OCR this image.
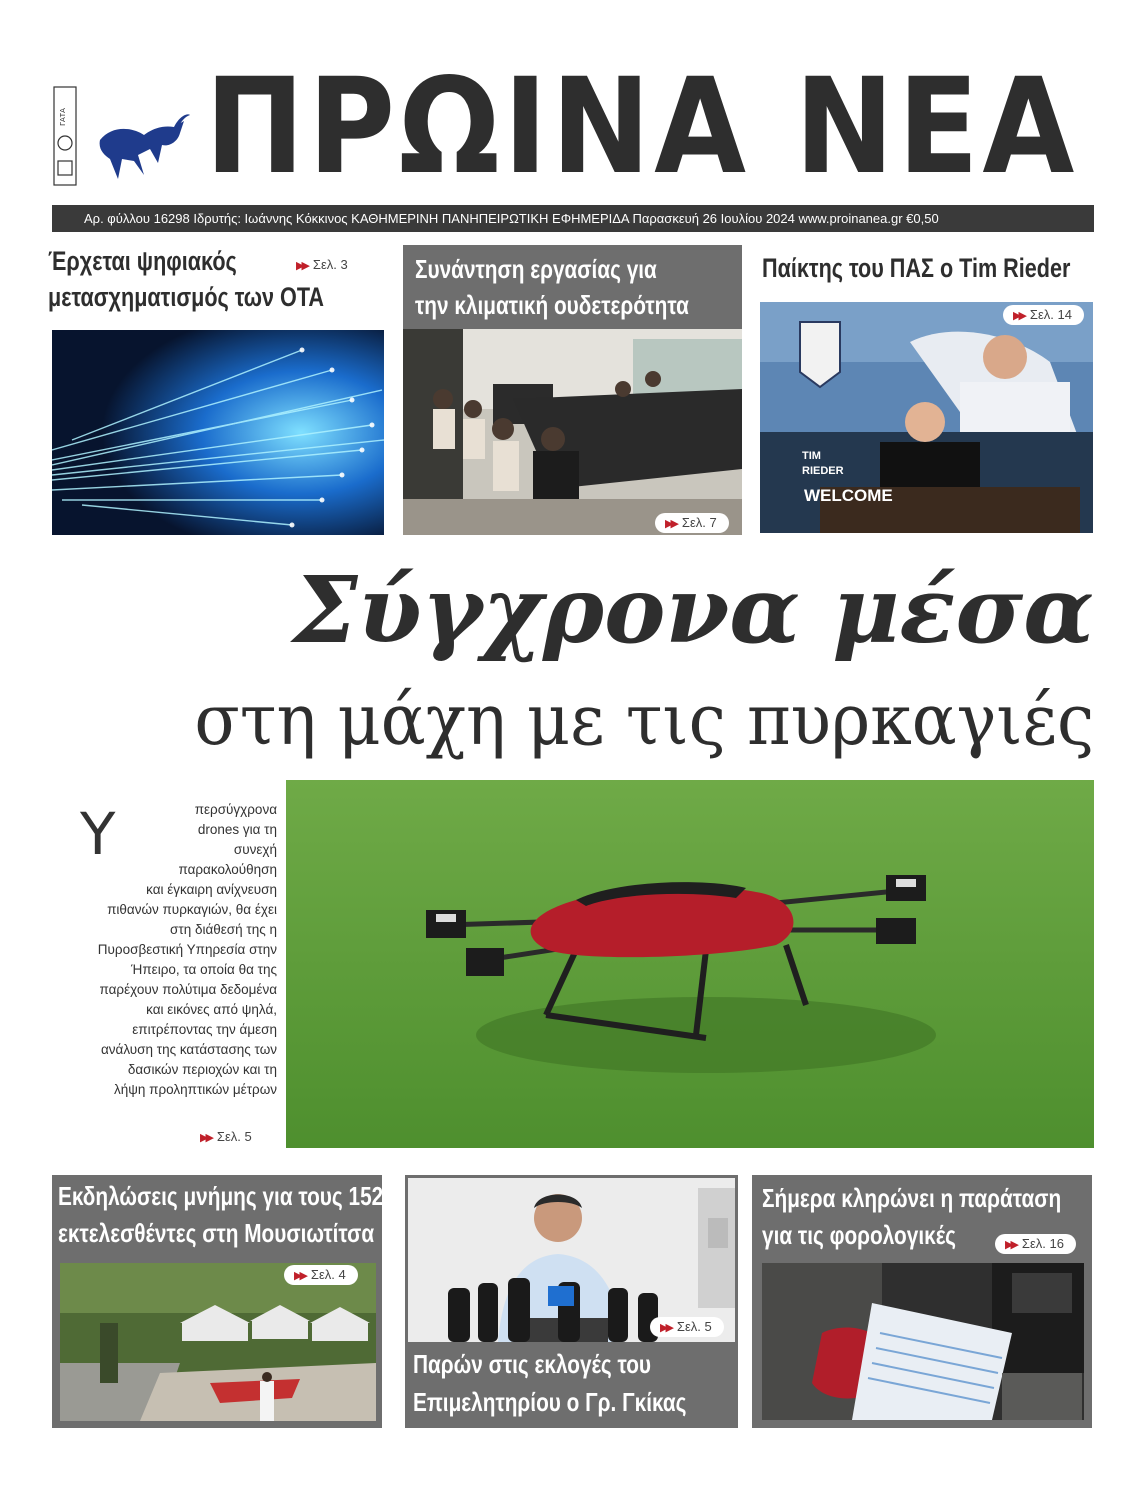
ΓΑΤΑ ΠΡΩΙΝΑ ΝΕΑ
Αρ. φύλλου 16298 Ιδρυτής: Ιωάννης Κόκκινος ΚΑΘΗΜΕΡΙΝΗ ΠΑΝΗΠΕΙΡΩΤΙΚΗ ΕΦΗΜΕΡΙΔΑ Παρασκευή 26 Ιουλίου 2024 www.proinanea.gr €0,50
Έρχεται ψηφιακός
μετασχηματισμός των ΟΤΑ
▶▶ Σελ. 3	Συνάντηση εργασίας για
την κλιματική ουδετερότητα
▶▶ Σελ. 7
Παίκτης του ΠΑΣ ο Tim Rieder
TIM
RIEDER
WELCOME
▶▶ Σελ. 14
Σύγχρονα μέσα
στη μάχη με τις πυρκαγιές
Υ	περσύγχρονα
drones για τη
συνεχή
παρακολούθηση
και έγκαιρη ανίχνευση
πιθανών πυρκαγιών, θα έχει
στη διάθεσή της η
Πυροσβεστική Υπηρεσία στην
Ήπειρο, τα οποία θα της
παρέχουν πολύτιμα δεδομένα
και εικόνες από ψηλά,
επιτρέποντας την άμεση
ανάλυση της κατάστασης των
δασικών περιοχών και τη
λήψη προληπτικών μέτρων
▶▶ Σελ. 5
Εκδηλώσεις μνήμης για τους 152
εκτελεσθέντες στη Μουσιωτίτσα
▶▶ Σελ. 4
Παρών στις εκλογές του
Επιμελητηρίου ο Γρ. Γκίκας
▶▶ Σελ. 5
Σήμερα κληρώνει η παράταση
για τις φορολογικές	▶▶ Σελ. 16
